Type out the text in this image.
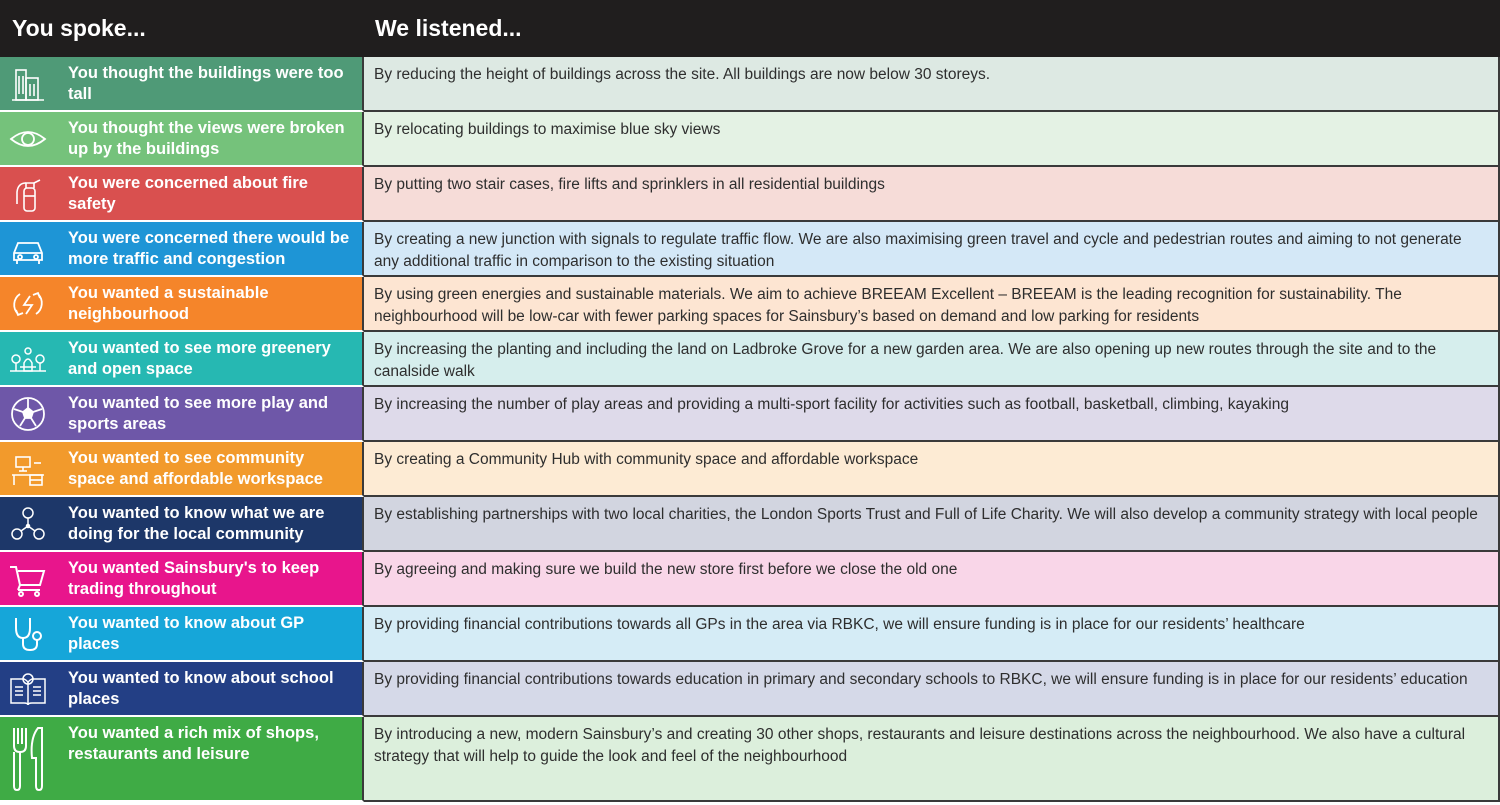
You spoke...	We listened...
You thought the buildings were too tall
By reducing the height of buildings across the site. All buildings are now below 30 storeys.
You thought the views were broken up by the buildings
By relocating buildings to maximise blue sky views
You were concerned about fire safety
By putting two stair cases, fire lifts and sprinklers in all residential buildings
You were concerned there would be more traffic and congestion
By creating a new junction with signals to regulate traffic flow. We are also maximising green travel and cycle and pedestrian routes and aiming to not generate any additional traffic in comparison to the existing situation
You wanted a sustainable neighbourhood
By using green energies and sustainable materials. We aim to achieve BREEAM Excellent – BREEAM is the leading recognition for sustainability. The neighbourhood will be low-car with fewer parking spaces for Sainsbury’s based on demand and low parking for residents
You wanted to see more greenery and open space
By increasing the planting and including the land on Ladbroke Grove for a new garden area. We are also opening up new routes through the site and to the canalside walk
You wanted to see more play and sports areas
By increasing the number of play areas and providing a multi-sport facility for activities such as football, basketball, climbing, kayaking
You wanted to see community space and affordable workspace
By creating a Community Hub with community space and affordable workspace
You wanted to know what we are doing for the local community
By establishing partnerships with two local charities, the London Sports Trust and Full of Life Charity. We will also develop a community strategy with local people
You wanted Sainsbury's to keep trading throughout
By agreeing and making sure we build the new store first before we close the old one
You wanted to know about GP places
By providing financial contributions towards all GPs in the area via RBKC, we will ensure funding is in place for our residents’ healthcare
You wanted to know about school places
By providing financial contributions towards education in primary and secondary schools to RBKC, we will ensure funding is in place for our residents’ education
You wanted a rich mix of shops, restaurants and leisure
By introducing a new, modern Sainsbury’s and creating 30 other shops, restaurants and leisure destinations across the neighbourhood. We also have a cultural strategy that will help to guide the look and feel of the neighbourhood
